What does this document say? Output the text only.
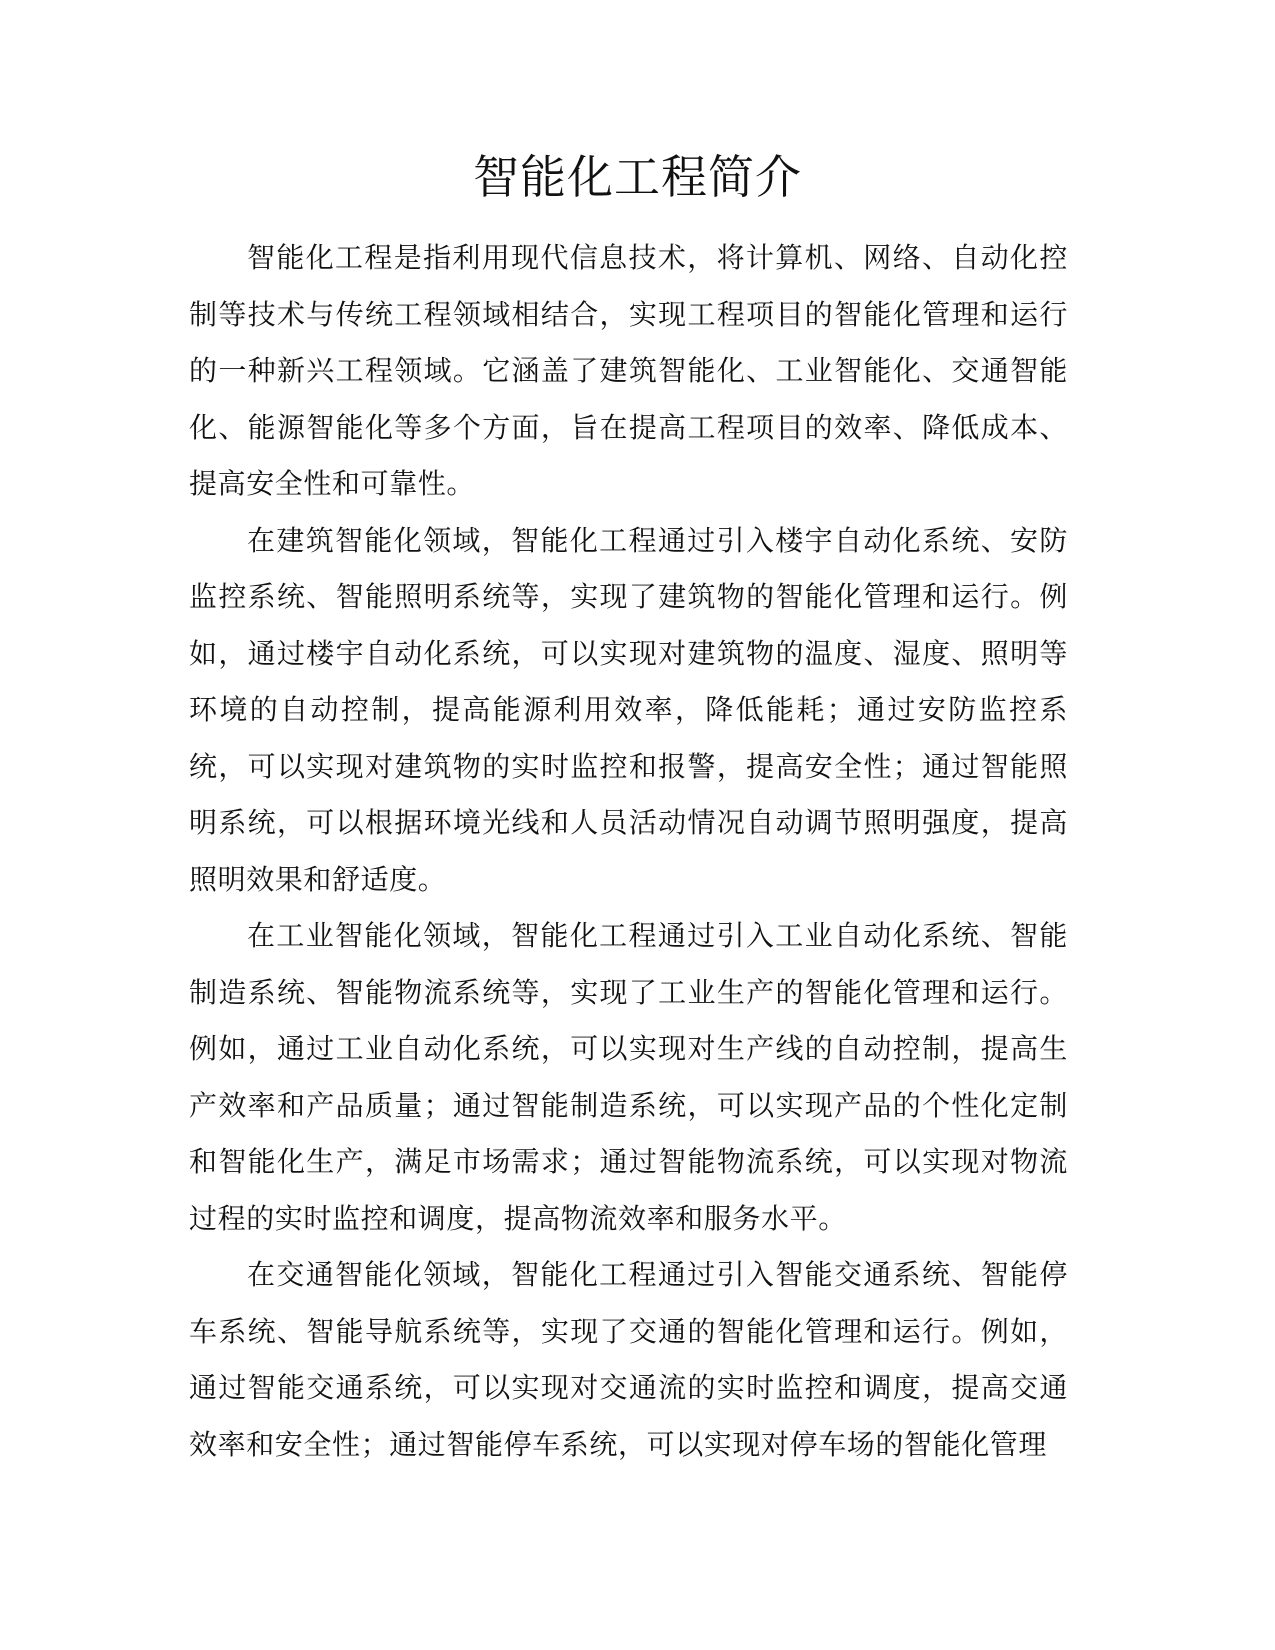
智能化工程简介

智能化工程是指利用现代信息技术，将计算机、网络、自动化控制等技术与传统工程领域相结合，实现工程项目的智能化管理和运行的一种新兴工程领域。它涵盖了建筑智能化、工业智能化、交通智能化、能源智能化等多个方面，旨在提高工程项目的效率、降低成本、提高安全性和可靠性。

在建筑智能化领域，智能化工程通过引入楼宇自动化系统、安防监控系统、智能照明系统等，实现了建筑物的智能化管理和运行。例如，通过楼宇自动化系统，可以实现对建筑物的温度、湿度、照明等环境的自动控制，提高能源利用效率，降低能耗；通过安防监控系统，可以实现对建筑物的实时监控和报警，提高安全性；通过智能照明系统，可以根据环境光线和人员活动情况自动调节照明强度，提高照明效果和舒适度。

在工业智能化领域，智能化工程通过引入工业自动化系统、智能制造系统、智能物流系统等，实现了工业生产的智能化管理和运行。例如，通过工业自动化系统，可以实现对生产线的自动控制，提高生产效率和产品质量；通过智能制造系统，可以实现产品的个性化定制和智能化生产，满足市场需求；通过智能物流系统，可以实现对物流过程的实时监控和调度，提高物流效率和服务水平。

在交通智能化领域，智能化工程通过引入智能交通系统、智能停车系统、智能导航系统等，实现了交通的智能化管理和运行。例如，通过智能交通系统，可以实现对交通流的实时监控和调度，提高交通效率和安全性；通过智能停车系统，可以实现对停车场的智能化管理
